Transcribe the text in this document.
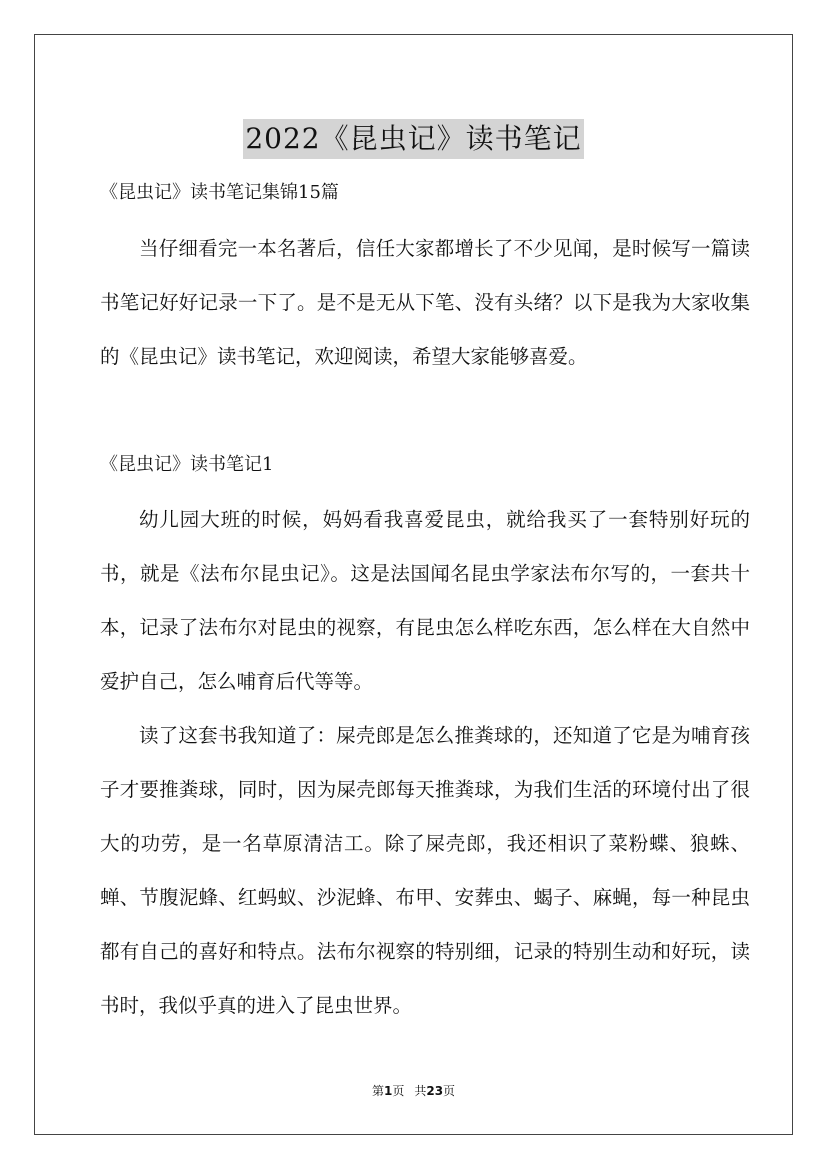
2022《昆虫记》读书笔记
《昆虫记》读书笔记集锦15篇

当仔细看完一本名著后，信任大家都增长了不少见闻，是时候写一篇读书笔记好好记录一下了。是不是无从下笔、没有头绪？以下是我为大家收集的《昆虫记》读书笔记，欢迎阅读，希望大家能够喜爱。

《昆虫记》读书笔记1

幼儿园大班的时候，妈妈看我喜爱昆虫，就给我买了一套特别好玩的书，就是《法布尔昆虫记》。这是法国闻名昆虫学家法布尔写的，一套共十本，记录了法布尔对昆虫的视察，有昆虫怎么样吃东西，怎么样在大自然中爱护自己，怎么哺育后代等等。

读了这套书我知道了：屎壳郎是怎么推粪球的，还知道了它是为哺育孩子才要推粪球，同时，因为屎壳郎每天推粪球，为我们生活的环境付出了很大的功劳，是一名草原清洁工。除了屎壳郎，我还相识了菜粉蝶、狼蛛、蝉、节腹泥蜂、红蚂蚁、沙泥蜂、布甲、安葬虫、蝎子、麻蝇，每一种昆虫都有自己的喜好和特点。法布尔视察的特别细，记录的特别生动和好玩，读书时，我似乎真的进入了昆虫世界。

第1页 共23页
